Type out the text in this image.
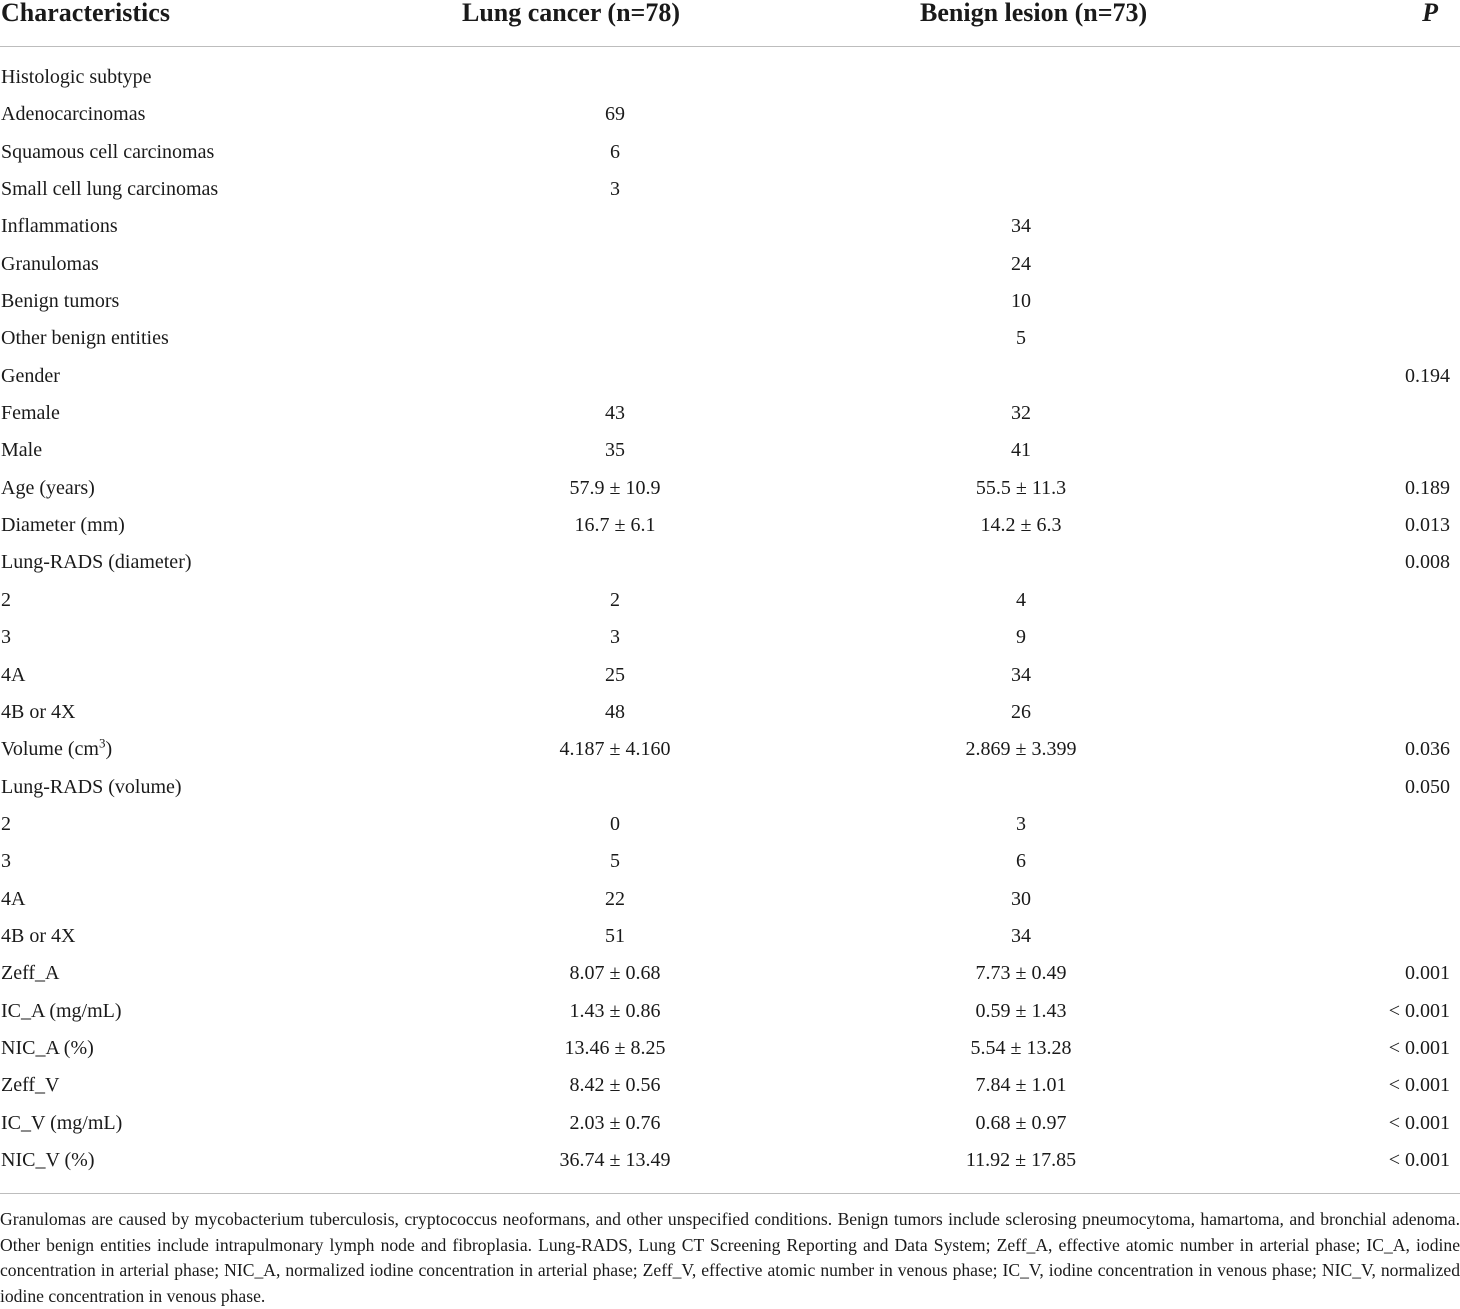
Characteristics	Lung cancer (n=78)	Benign lesion (n=73)	P
Histologic subtype			
Adenocarcinomas	69		
Squamous cell carcinomas	6		
Small cell lung carcinomas	3		
Inflammations		34	
Granulomas		24	
Benign tumors		10	
Other benign entities		5	
Gender			0.194
Female	43	32	
Male	35	41	
Age (years)	57.9 ± 10.9	55.5 ± 11.3	0.189
Diameter (mm)	16.7 ± 6.1	14.2 ± 6.3	0.013
Lung-RADS (diameter)			0.008
2	2	4	
3	3	9	
4A	25	34	
4B or 4X	48	26	
Volume $(cm^3)$	4.187 ± 4.160	2.869 ± 3.399	0.036
Lung-RADS (volume)			0.050
2	0	3	
3	5	6	
4A	22	30	
4B or 4X	51	34	
Zeff_A	8.07 ± 0.68	7.73 ± 0.49	0.001
IC_A (mg/mL)	1.43 ± 0.86	0.59 ± 1.43	< 0.001
NIC_A (%)	13.46 ± 8.25	5.54 ± 13.28	< 0.001
Zeff_V	8.42 ± 0.56	7.84 ± 1.01	< 0.001
IC_V (mg/mL)	2.03 ± 0.76	0.68 ± 0.97	< 0.001
NIC_V (%)	36.74 ± 13.49	11.92 ± 17.85	< 0.001
Granulomas are caused by mycobacterium tuberculosis, cryptococcus neoformans, and other unspecified conditions. Benign tumors include sclerosing pneumocytoma, hamartoma, and bronchial adenoma. Other benign entities include intrapulmonary lymph node and fibroplasia. Lung-RADS, Lung CT Screening Reporting and Data System; Zeff_A, effective atomic number in arterial phase; IC_A, iodine concentration in arterial phase; NIC_A, normalized iodine concentration in arterial phase; Zeff_V, effective atomic number in venous phase; IC_V, iodine concentration in venous phase; NIC_V, normalized iodine concentration in venous phase.
